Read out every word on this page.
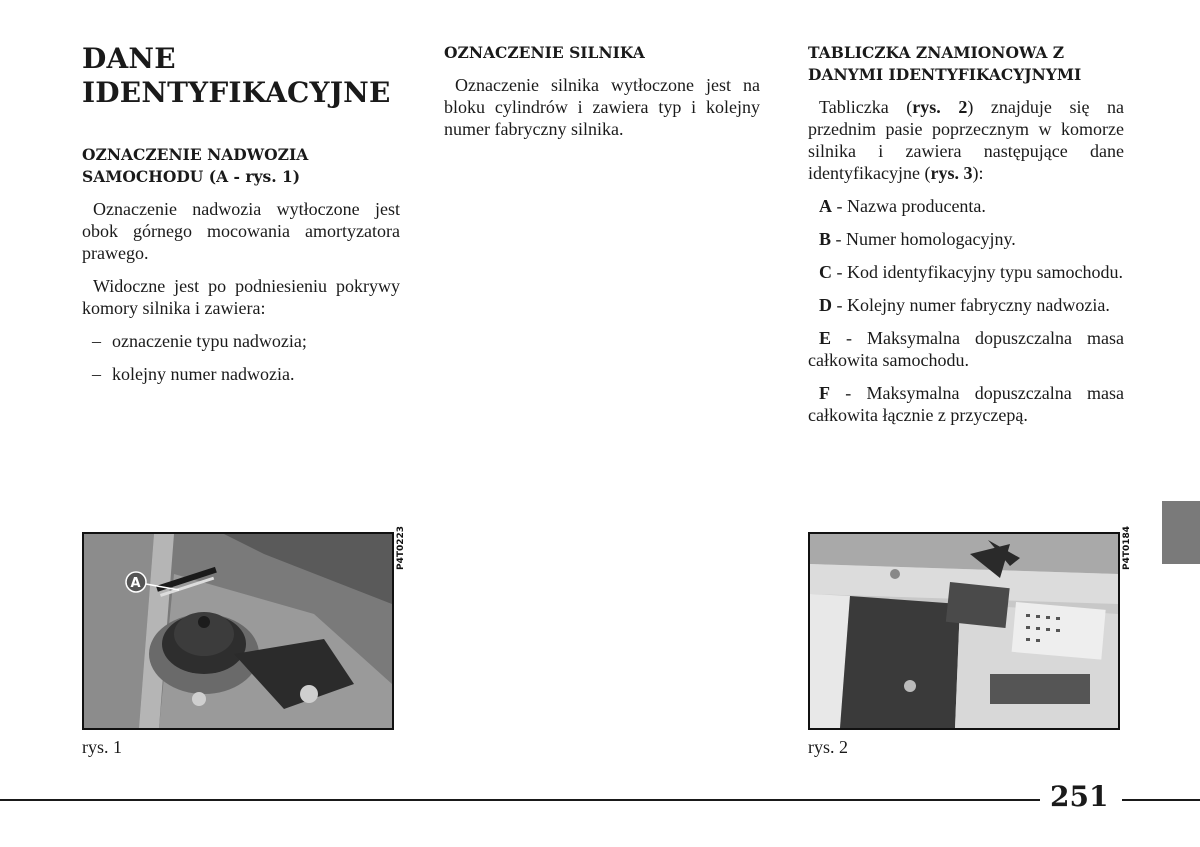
DANE IDENTYFIKACYJNE
OZNACZENIE NADWOZIA SAMOCHODU (A - rys. 1)

Oznaczenie nadwozia wytłoczone jest obok górnego mocowania amortyzatora prawego.

Widoczne jest po podniesieniu pokrywy komory silnika i zawiera:

– oznaczenie typu nadwozia;
– kolejny numer nadwozia.
OZNACZENIE SILNIKA

Oznaczenie silnika wytłoczone jest na bloku cylindrów i zawiera typ i kolejny numer fabryczny silnika.

TABLICZKA ZNAMIONOWA Z DANYMI IDENTYFIKACYJNYMI

Tabliczka (rys. 2) znajduje się na przednim pasie poprzecznym w komorze silnika i zawiera następujące dane identyfikacyjne (rys. 3):

A - Nazwa producenta.

B - Numer homologacyjny.

C - Kod identyfikacyjny typu samochodu.

D - Kolejny numer fabryczny nadwozia.

E - Maksymalna dopuszczalna masa całkowita samochodu.

F - Maksymalna dopuszczalna masa całkowita łącznie z przyczepą.

A
P4T0223
rys. 1
P4T0184
rys. 2
251
